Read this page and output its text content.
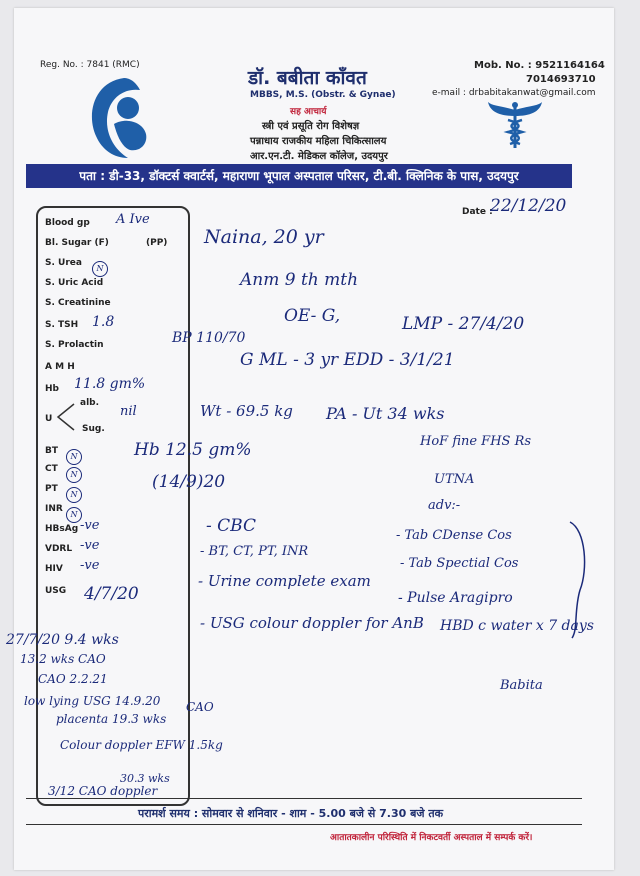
Reg. No. : 7841 (RMC)
डॉ. बबीता काँवत
MBBS, M.S. (Obstr. & Gynae)
सह आचार्य
स्त्री एवं प्रसूति रोग विशेषज्ञ
पन्नाधाय राजकीय महिला चिकित्सालय
आर.एन.टी. मेडिकल कॉलेज, उदयपुर
Mob. No. : 9521164164
7014693710
e-mail : drbabitakanwat@gmail.com
पता : डी-33, डॉक्टर्स क्वार्टर्स, महाराणा भूपाल अस्पताल परिसर, टी.बी. क्लिनिक के पास, उदयपुर
Date :
22/12/20
Blood gp A Ive
Bl. Sugar (F)	(PP)
S. Urea
N
S. Uric Acid
S. Creatinine
S. TSH 1.8
S. Prolactin
A M H
Hb 11.8 gm%
U
alb.
nil
Sug.
BT
N
CT
N
PT
N
INR
N
HBsAg -ve
VDRL -ve
HIV -ve
USG 4/7/20
27/7/20 9.4 wks
13.2 wks CAO
CAO 2.2.21
low lying USG 14.9.20
placenta 19.3 wks
CAO
Colour doppler EFW 1.5kg
30.3 wks
3/12 CAO doppler
Naina, 20 yr
Anm 9 th mth
OE- G,
BP 110/70
LMP - 27/4/20
G ML - 3 yr EDD - 3/1/21
Wt - 69.5 kg PA - Ut 34 wks
HoF fine FHS Rs
Hb 12.5 gm%
(14/9)20	UTNA
adv:-
- CBC
- BT, CT, PT, INR
- Urine complete exam
- USG colour doppler for AnB
- Tab CDense Cos
- Tab Spectial Cos
- Pulse Aragipro
HBD c water x 7 days
Babita
परामर्श समय : सोमवार से शनिवार - शाम - 5.00 बजे से 7.30 बजे तक
आतातकालीन परिस्थिति में निकटवर्ती अस्पताल में सम्पर्क करें।
